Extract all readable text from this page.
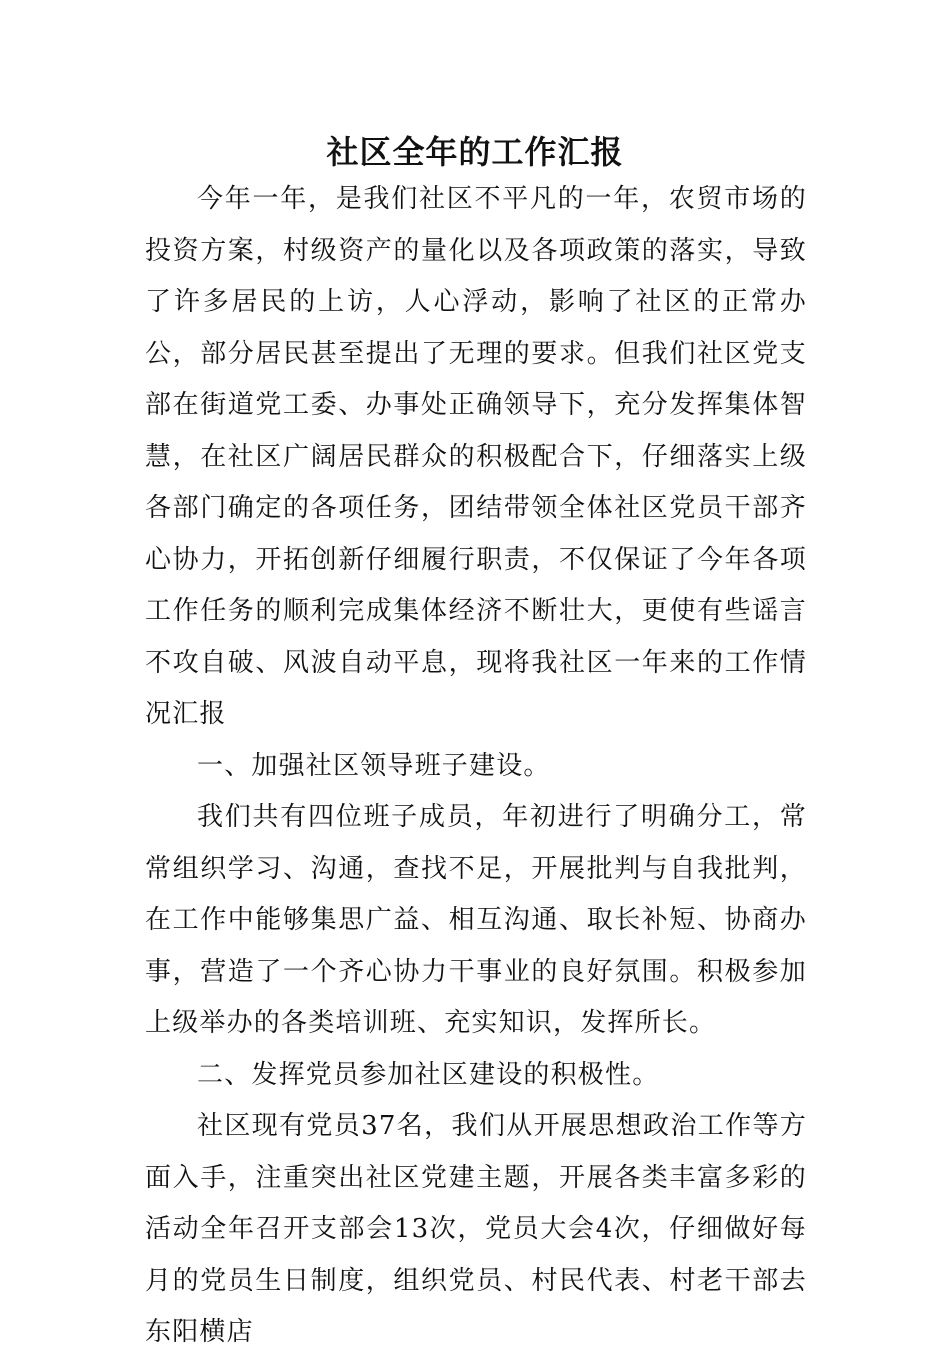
社区全年的工作汇报

今年一年，是我们社区不平凡的一年，农贸市场的投资方案，村级资产的量化以及各项政策的落实，导致了许多居民的上访，人心浮动，影响了社区的正常办公，部分居民甚至提出了无理的要求。但我们社区党支部在街道党工委、办事处正确领导下，充分发挥集体智慧，在社区广阔居民群众的积极配合下，仔细落实上级各部门确定的各项任务，团结带领全体社区党员干部齐心协力，开拓创新仔细履行职责，不仅保证了今年各项工作任务的顺利完成集体经济不断壮大，更使有些谣言不攻自破、风波自动平息，现将我社区一年来的工作情况汇报

一、加强社区领导班子建设。

我们共有四位班子成员，年初进行了明确分工，常常组织学习、沟通，查找不足，开展批判与自我批判，在工作中能够集思广益、相互沟通、取长补短、协商办事，营造了一个齐心协力干事业的良好氛围。积极参加上级举办的各类培训班、充实知识，发挥所长。

二、发挥党员参加社区建设的积极性。

社区现有党员37名，我们从开展思想政治工作等方面入手，注重突出社区党建主题，开展各类丰富多彩的活动全年召开支部会13次，党员大会4次，仔细做好每月的党员生日制度，组织党员、村民代表、村老干部去东阳横店
